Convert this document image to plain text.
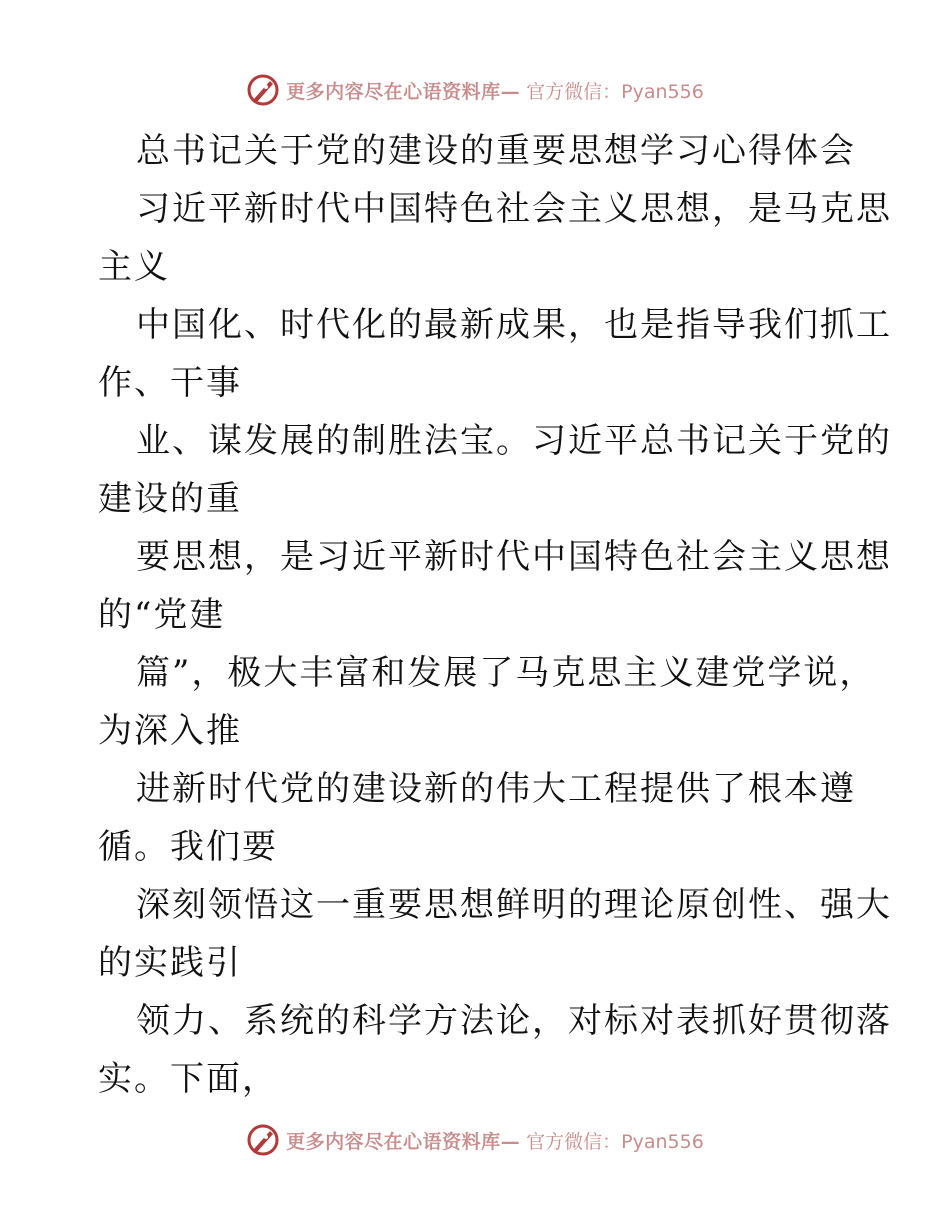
更多内容尽在心语资料库— 官方微信：Pyan556
总书记关于党的建设的重要思想学习心得体会
习近平新时代中国特色社会主义思想，是马克思
主义
中国化、时代化的最新成果，也是指导我们抓工
作、干事
业、谋发展的制胜法宝。习近平总书记关于党的
建设的重
要思想，是习近平新时代中国特色社会主义思想
的“党建
篇”，极大丰富和发展了马克思主义建党学说，
为深入推
进新时代党的建设新的伟大工程提供了根本遵
循。我们要
深刻领悟这一重要思想鲜明的理论原创性、强大
的实践引
领力、系统的科学方法论，对标对表抓好贯彻落
实。下面，
更多内容尽在心语资料库— 官方微信：Pyan556
